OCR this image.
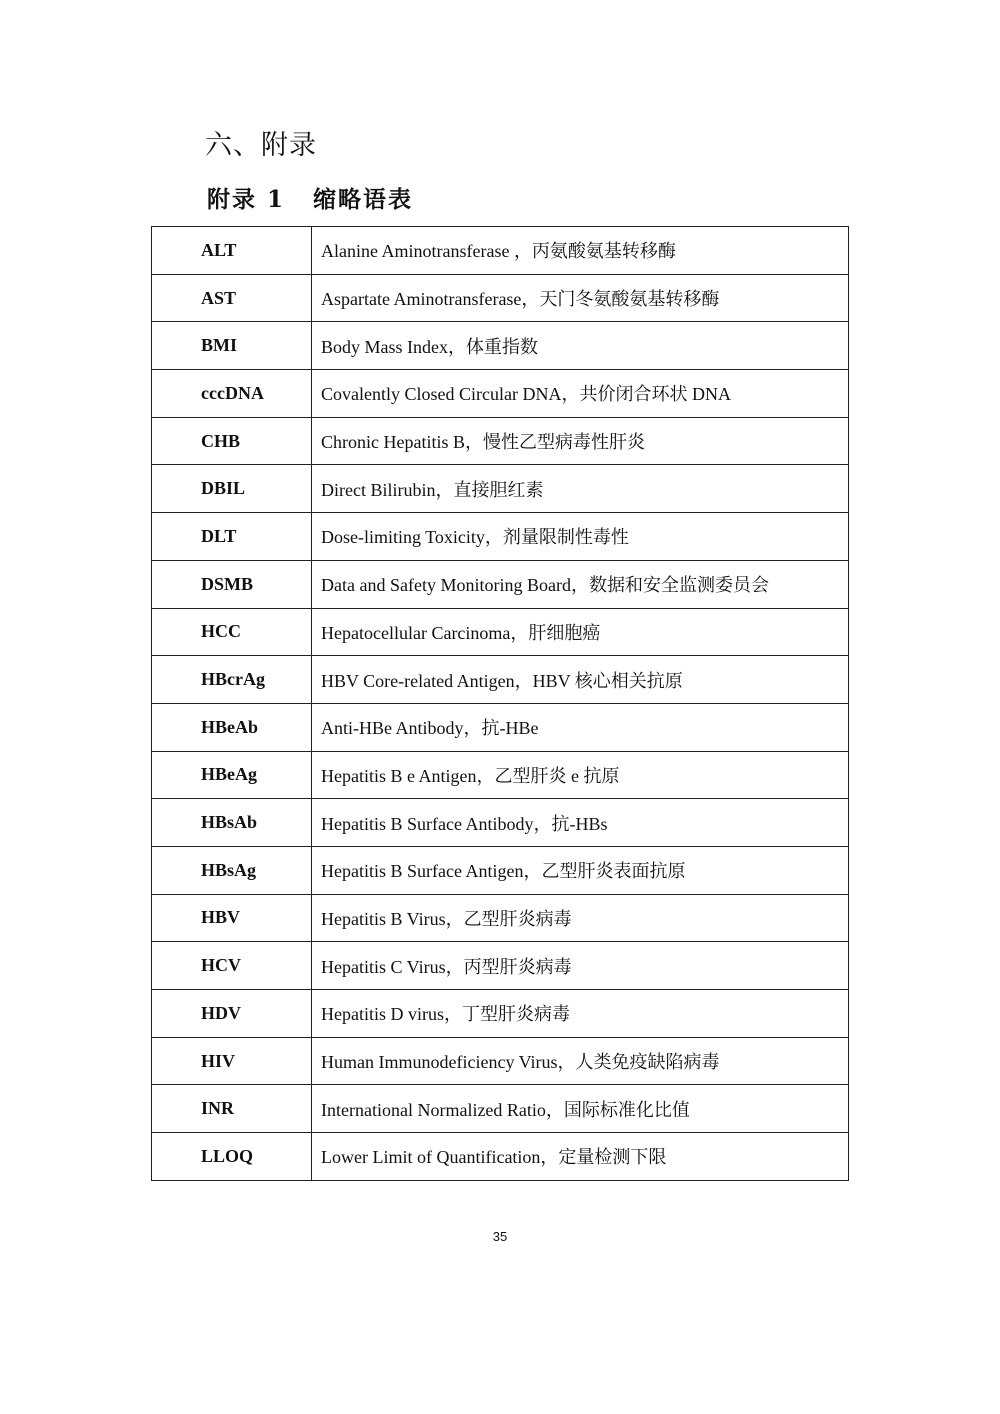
六、附录
附录 1 缩略语表
ALT	Alanine Aminotransferase ，丙氨酸氨基转移酶
AST	Aspartate Aminotransferase，天门冬氨酸氨基转移酶
BMI	Body Mass Index，体重指数
cccDNA	Covalently Closed Circular DNA，共价闭合环状 DNA
CHB	Chronic Hepatitis B，慢性乙型病毒性肝炎
DBIL	Direct Bilirubin，直接胆红素
DLT	Dose-limiting Toxicity，剂量限制性毒性
DSMB	Data and Safety Monitoring Board，数据和安全监测委员会
HCC	Hepatocellular Carcinoma，肝细胞癌
HBcrAg	HBV Core-related Antigen，HBV 核心相关抗原
HBeAb	Anti-HBe Antibody，抗-HBe
HBeAg	Hepatitis B e Antigen，乙型肝炎 e 抗原
HBsAb	Hepatitis B Surface Antibody，抗-HBs
HBsAg	Hepatitis B Surface Antigen，乙型肝炎表面抗原
HBV	Hepatitis B Virus，乙型肝炎病毒
HCV	Hepatitis C Virus，丙型肝炎病毒
HDV	Hepatitis D virus，丁型肝炎病毒
HIV	Human Immunodeficiency Virus，人类免疫缺陷病毒
INR	International Normalized Ratio，国际标准化比值
LLOQ	Lower Limit of Quantification，定量检测下限
35
